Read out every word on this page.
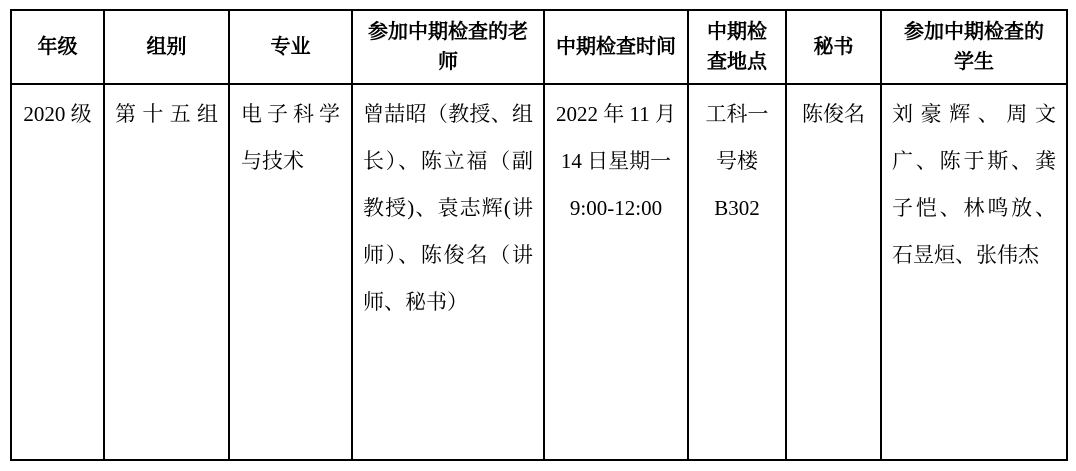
年级	组别	专业	参加中期检查的老师	中期检查时间	中期检查地点	秘书	参加中期检查的学生
2020 级	第十五组	电子科学与技术	曾喆昭（教授、组长）、陈立福（副教授)、袁志辉(讲师）、陈俊名（讲师、秘书）	2022 年 11 月 14 日星期一 9:00-12:00	工科一号楼 B302	陈俊名	刘豪辉、周文广、陈于斯、龚子恺、林鸣放、石昱烜、张伟杰
